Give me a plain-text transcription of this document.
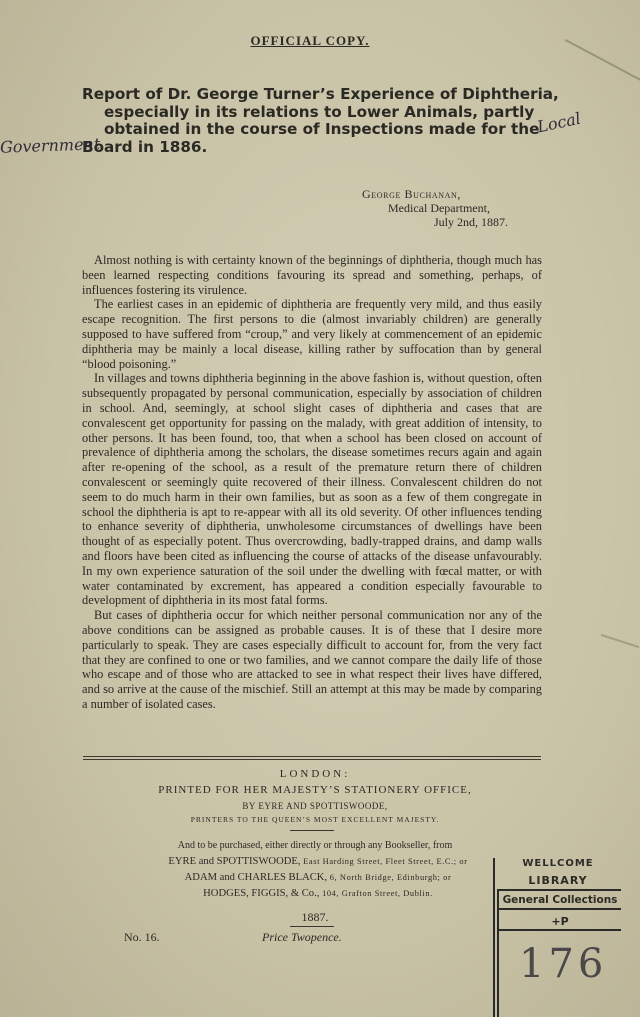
OFFICIAL COPY.
Report of Dr. George Turner’s Experience of Diphtheria,
especially in its relations to Lower Animals, partly
obtained in the course of Inspections made for the
Board in 1886.
Local
Government
George Buchanan,
Medical Department,
July 2nd, 1887.

Almost nothing is with certainty known of the beginnings of diphtheria, though much has been learned respecting conditions favouring its spread and something, perhaps, of influences fostering its virulence.

The earliest cases in an epidemic of diphtheria are frequently very mild, and thus easily escape recognition. The first persons to die (almost invariably children) are generally supposed to have suffered from “croup,” and very likely at commencement of an epidemic diphtheria may be mainly a local disease, killing rather by suffocation than by general “blood poisoning.”

In villages and towns diphtheria beginning in the above fashion is, without question, often subsequently propagated by personal communication, especially by association of children in school. And, seemingly, at school slight cases of diphtheria and cases that are convalescent get opportunity for passing on the malady, with great addition of intensity, to other persons. It has been found, too, that when a school has been closed on account of prevalence of diphtheria among the scholars, the disease sometimes recurs again and again after re-opening of the school, as a result of the premature return there of children convalescent or seemingly quite recovered of their illness. Convalescent children do not seem to do much harm in their own families, but as soon as a few of them congregate in school the diphtheria is apt to re-appear with all its old severity. Of other influences tending to enhance severity of diphtheria, unwholesome circumstances of dwellings have been thought of as especially potent. Thus overcrowding, badly-trapped drains, and damp walls and floors have been cited as influencing the course of attacks of the disease unfavourably. In my own experience saturation of the soil under the dwelling with fœcal matter, or with water contaminated by excrement, has appeared a condition especially favourable to development of diphtheria in its most fatal forms.

But cases of diphtheria occur for which neither personal communication nor any of the above conditions can be assigned as probable causes. It is of these that I desire more particularly to speak. They are cases especially difficult to account for, from the very fact that they are confined to one or two families, and we cannot compare the daily life of those who escape and of those who are attacked to see in what respect their lives have differed, and so arrive at the cause of the mischief. Still an attempt at this may be made by comparing a number of isolated cases.

LONDON:
PRINTED FOR HER MAJESTY’S STATIONERY OFFICE,
BY EYRE AND SPOTTISWOODE,
PRINTERS TO THE QUEEN’S MOST EXCELLENT MAJESTY.
And to be purchased, either directly or through any Bookseller, from
EYRE and SPOTTISWOODE, East Harding Street, Fleet Street, E.C.; or
ADAM and CHARLES BLACK, 6, North Bridge, Edinburgh; or
HODGES, FIGGIS, & Co., 104, Grafton Street, Dublin.
1887.
No. 16.	Price Twopence.
WELLCOME
LIBRARY
General Collections
+P
176
